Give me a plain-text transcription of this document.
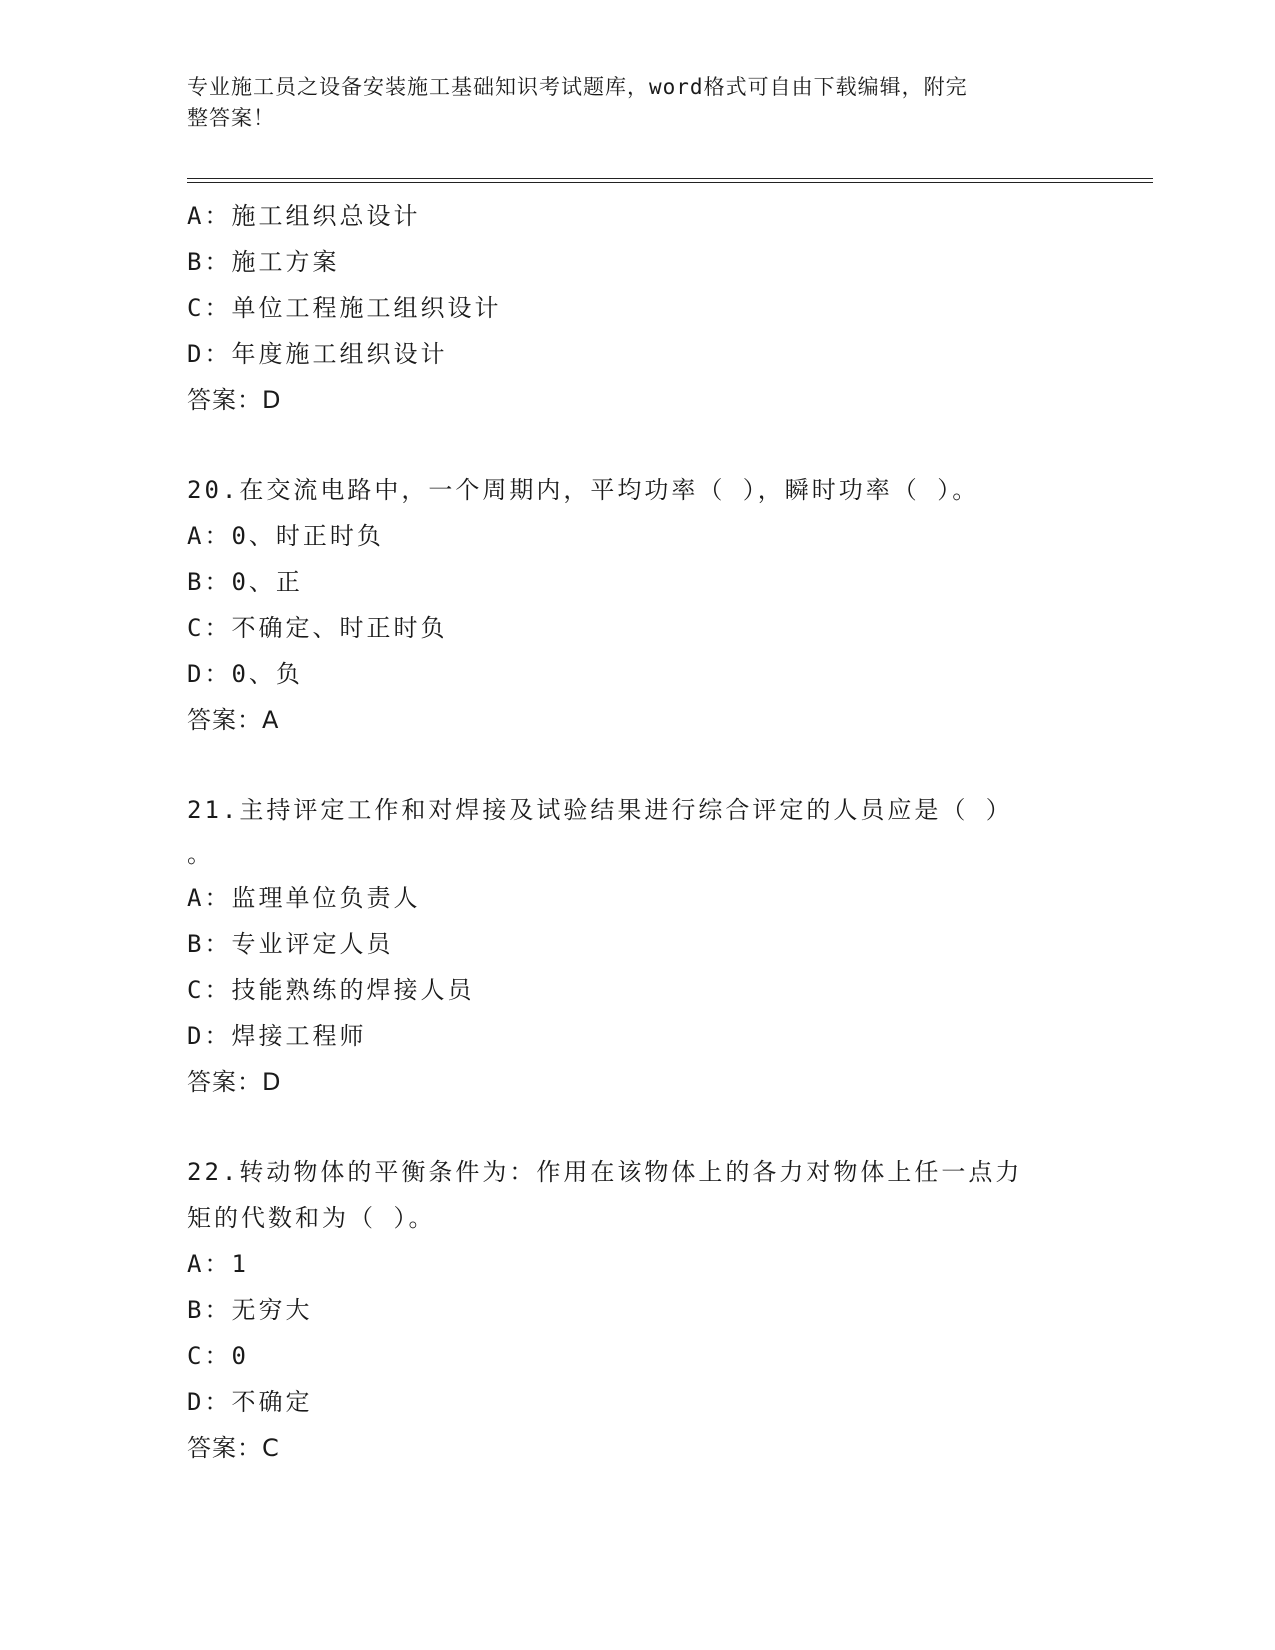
专业施工员之设备安装施工基础知识考试题库，word格式可自由下载编辑，附完
整答案！
A：施工组织总设计
B：施工方案
C：单位工程施工组织设计
D：年度施工组织设计
答案：D
20.在交流电路中，一个周期内，平均功率（ ），瞬时功率（ ）。
A：0、时正时负
B：0、正
C：不确定、时正时负
D：0、负
答案：A
21.主持评定工作和对焊接及试验结果进行综合评定的人员应是（ ）
。
A：监理单位负责人
B：专业评定人员
C：技能熟练的焊接人员
D：焊接工程师
答案：D
22.转动物体的平衡条件为：作用在该物体上的各力对物体上任一点力
矩的代数和为（ ）。
A：1
B：无穷大
C：0
D：不确定
答案：C
